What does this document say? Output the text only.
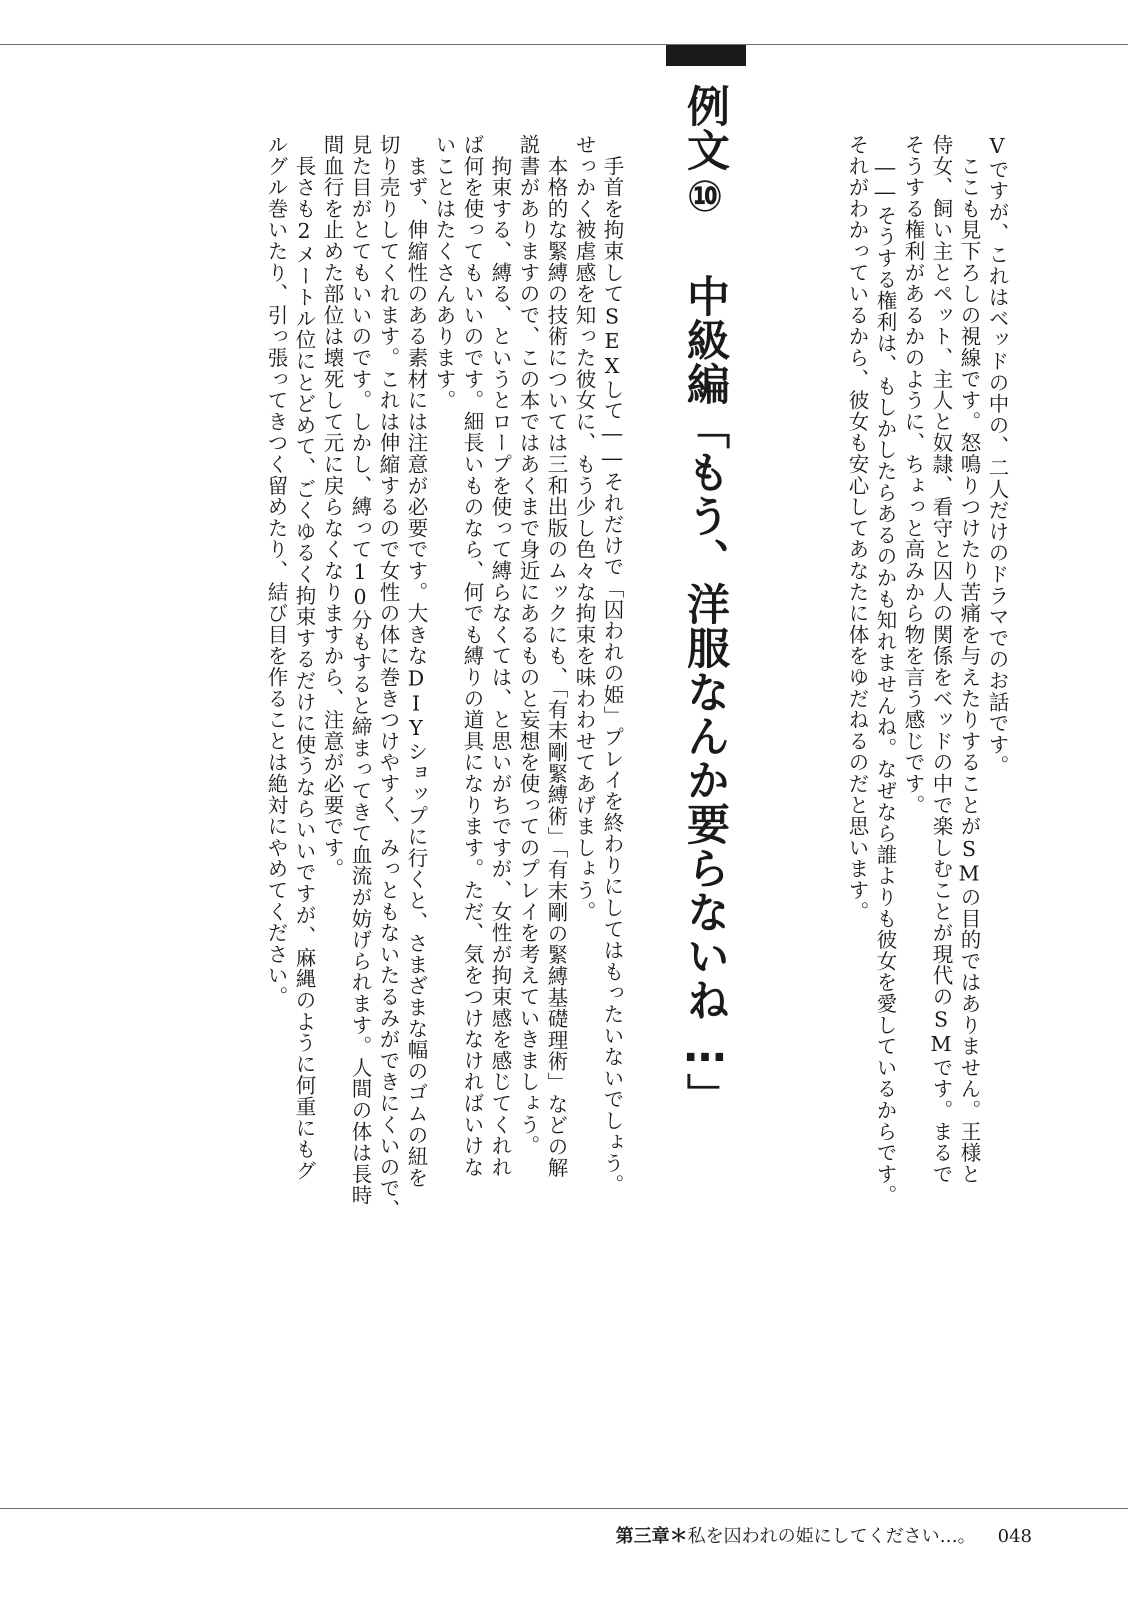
例文⑩ 中級編「もう、洋服なんか要らないね…」	Vですが、これはベッドの中の、二人だけのドラマでのお話です。
　ここも見下ろしの視線です。怒鳴りつけたり苦痛を与えたりすることがSMの目的ではありません。王様と
侍女、飼い主とペット、主人と奴隷、看守と囚人の関係をベッドの中で楽しむことが現代のSMです。まるで
そうする権利があるかのように、ちょっと高みから物を言う感じです。
　――そうする権利は、もしかしたらあるのかも知れませんね。なぜなら誰よりも彼女を愛しているからです。
それがわかっているから、彼女も安心してあなたに体をゆだねるのだと思います。
　手首を拘束してSEXして――それだけで「囚われの姫」プレイを終わりにしてはもったいないでしょう。
せっかく被虐感を知った彼女に、もう少し色々な拘束を味わわせてあげましょう。
　本格的な緊縛の技術については三和出版のムックにも、「有末剛緊縛術」「有末剛の緊縛基礎理術」などの解
説書がありますので、この本ではあくまで身近にあるものと妄想を使ってのプレイを考えていきましょう。
　拘束する、縛る、というとロープを使って縛らなくては、と思いがちですが、女性が拘束感を感じてくれれ
ば何を使ってもいいのです。細長いものなら、何でも縛りの道具になります。ただ、気をつけなければいけな
いことはたくさんあります。
　まず、伸縮性のある素材には注意が必要です。大きなDIYショップに行くと、さまざまな幅のゴムの紐を
切り売りしてくれます。これは伸縮するので女性の体に巻きつけやすく、みっともないたるみができにくいので、
見た目がとてもいいのです。しかし、縛って10分もすると締まってきて血流が妨げられます。人間の体は長時
間血行を止めた部位は壊死して元に戻らなくなりますから、注意が必要です。
　長さも2メートル位にとどめて、ごくゆるく拘束するだけに使うならいいですが、麻縄のように何重にもグ
ルグル巻いたり、引っ張ってきつく留めたり、結び目を作ることは絶対にやめてください。
第三章＊私を囚われの姫にしてください…。 048
